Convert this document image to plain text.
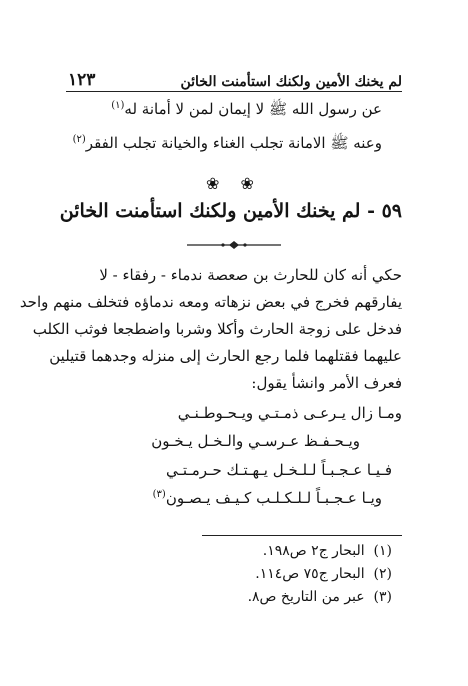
لم يخنك الأمين ولكنك استأمنت الخائن
١٢٣
عن رسول الله ﷺ لا إيمان لمن لا أمانة له$^{(١)}$
وعنه ﷺ الامانة تجلب الغناء والخيانة تجلب الفقر$^{(٢)}$
❀ ❀
٥٩ - لم يخنك الأمين ولكنك استأمنت الخائن
حكي أنه كان للحارث بن صعصة ندماء - رفقاء - لا
يفارقهم فخرج في بعض نزهاته ومعه ندماؤه فتخلف منهم واحد
فدخل على زوجة الحارث وأكلا وشربا واضطجعا فوثب الكلب
عليهما فقتلهما فلما رجع الحارث إلى منزله وجدهما قتيلين
فعرف الأمر وانشأ يقول:
ومـا زال يـرعـى ذمـتـي ويـحـوطـنـي
ويـحـفـظ عـرسـي والـخـل يـخـون
فـيـا عـجـبـاً لـلـخـل يـهـتـك حـرمـتـي
ويـا عـجـبـاً لـلـكـلـب كـيـف يـصـون$^{(٣)}$
(١)  البحار ج٢ ص١٩٨.
(٢)  البحار ج٧٥ ص١١٤.
(٣)  عبر من التاريخ ص٨.
